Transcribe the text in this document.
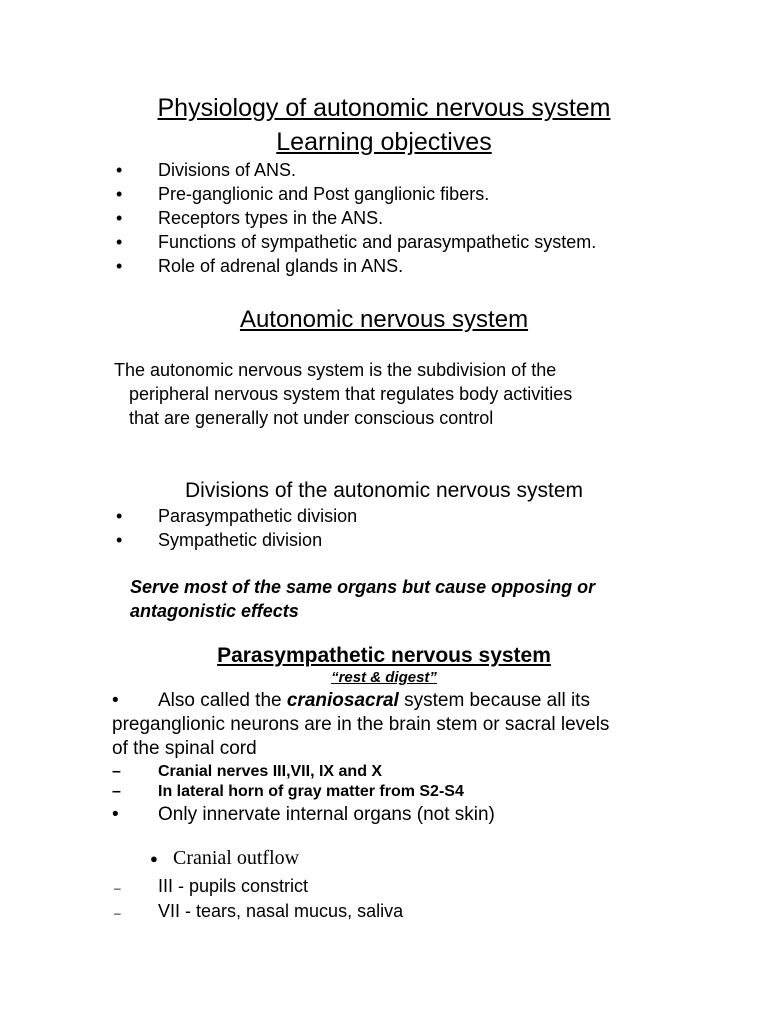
Physiology of autonomic nervous system
Learning objectives
• Divisions of ANS.
• Pre-ganglionic and Post ganglionic fibers.
• Receptors types in the ANS.
• Functions of sympathetic and parasympathetic system.
• Role of adrenal glands in ANS.
Autonomic nervous system
The autonomic nervous system is the subdivision of the
peripheral nervous system that regulates body activities
that are generally not under conscious control
Divisions of the autonomic nervous system
• Parasympathetic division
• Sympathetic division
Serve most of the same organs but cause opposing or
antagonistic effects
Parasympathetic nervous system
“rest & digest”
• Also called the craniosacral system because all its
preganglionic neurons are in the brain stem or sacral levels
of the spinal cord
– Cranial nerves III,VII, IX and X
– In lateral horn of gray matter from S2-S4
• Only innervate internal organs (not skin)
● Cranial outflow
– III - pupils constrict
– VII - tears, nasal mucus, saliva
